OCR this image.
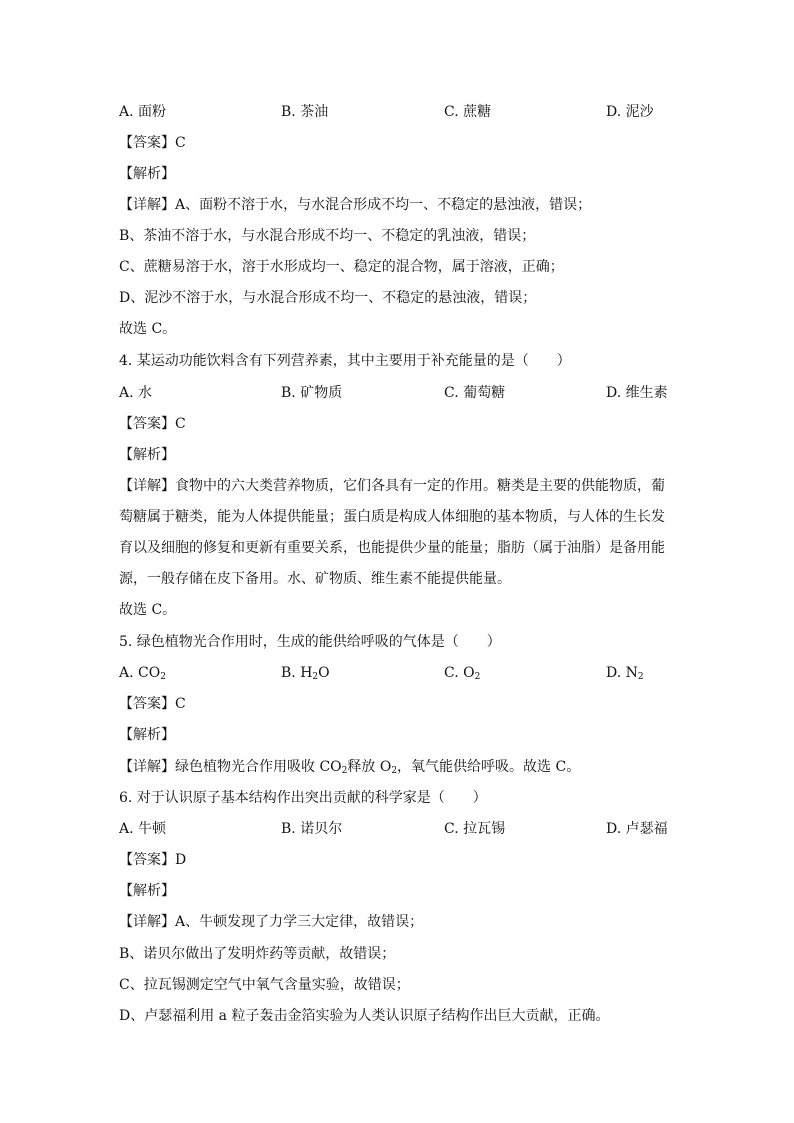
A. 面粉	B. 茶油	C. 蔗糖	D. 泥沙
【答案】C
【解析】
【详解】A、面粉不溶于水，与水混合形成不均一、不稳定的悬浊液，错误；
B、茶油不溶于水，与水混合形成不均一、不稳定的乳浊液，错误；
C、蔗糖易溶于水，溶于水形成均一、稳定的混合物，属于溶液，正确；
D、泥沙不溶于水，与水混合形成不均一、不稳定的悬浊液，错误；
故选 C。
4. 某运动功能饮料含有下列营养素，其中主要用于补充能量的是（　　）
A. 水	B. 矿物质	C. 葡萄糖	D. 维生素
【答案】C
【解析】
【详解】食物中的六大类营养物质，它们各具有一定的作用。糖类是主要的供能物质，葡
萄糖属于糖类，能为人体提供能量；蛋白质是构成人体细胞的基本物质，与人体的生长发
育以及细胞的修复和更新有重要关系，也能提供少量的能量；脂肪（属于油脂）是备用能
源，一般存储在皮下备用。水、矿物质、维生素不能提供能量。
故选 C。
5. 绿色植物光合作用时，生成的能供给呼吸的气体是（　　）
A. $CO_2$	B. $H_2O$	C. $O_2$	D. $N_2$
【答案】C
【解析】
【详解】绿色植物光合作用吸收 $CO_2$释放 $O_2$，氧气能供给呼吸。故选 C。
6. 对于认识原子基本结构作出突出贡献的科学家是（　　）
A. 牛顿	B. 诺贝尔	C. 拉瓦锡	D. 卢瑟福
【答案】D
【解析】
【详解】A、牛顿发现了力学三大定律，故错误；
B、诺贝尔做出了发明炸药等贡献，故错误；
C、拉瓦锡测定空气中氧气含量实验，故错误；
D、卢瑟福利用 a 粒子轰击金箔实验为人类认识原子结构作出巨大贡献，正确。
